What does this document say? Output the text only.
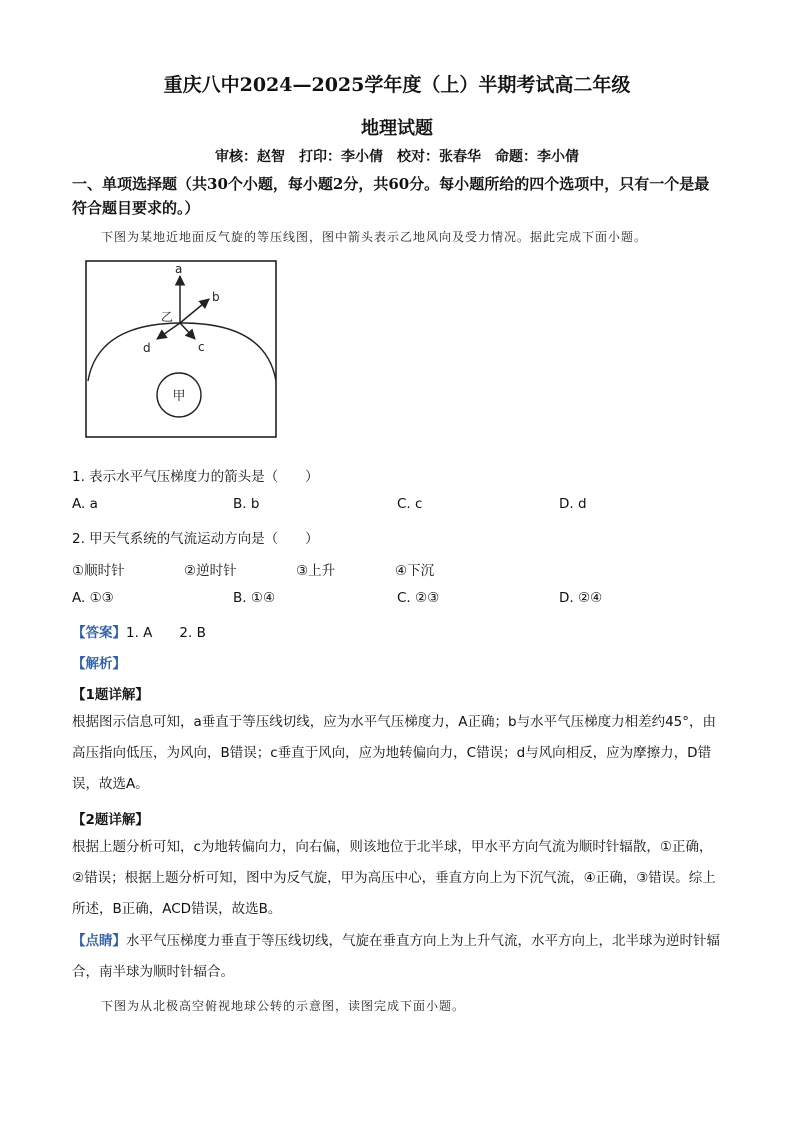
重庆八中2024—2025学年度（上）半期考试高二年级
地理试题
审核：赵智　打印：李小倩　校对：张春华　命题：李小倩
一、单项选择题（共30个小题，每小题2分，共60分。每小题所给的四个选项中，只有一个是最符合题目要求的。）
下图为某地近地面反气旋的等压线图，图中箭头表示乙地风向及受力情况。据此完成下面小题。
甲
a
b
c
d
乙
1. 表示水平气压梯度力的箭头是（　　）
A. a	B. b	C. c	D. d
2. 甲天气系统的气流运动方向是（　　）
①顺时针	②逆时针	③上升	④下沉
A. ①③	B. ①④	C. ②③	D. ②④
【答案】1. A　　2. B
【解析】
【1题详解】
根据图示信息可知，a垂直于等压线切线，应为水平气压梯度力，A正确；b与水平气压梯度力相差约45°，由高压指向低压，为风向，B错误；c垂直于风向，应为地转偏向力，C错误；d与风向相反，应为摩擦力，D错误，故选A。
【2题详解】
根据上题分析可知，c为地转偏向力，向右偏，则该地位于北半球，甲水平方向气流为顺时针辐散，①正确，②错误；根据上题分析可知，图中为反气旋，甲为高压中心，垂直方向上为下沉气流，④正确，③错误。综上所述，B正确，ACD错误，故选B。
【点睛】水平气压梯度力垂直于等压线切线，气旋在垂直方向上为上升气流，水平方向上，北半球为逆时针辐合，南半球为顺时针辐合。
下图为从北极高空俯视地球公转的示意图，读图完成下面小题。
